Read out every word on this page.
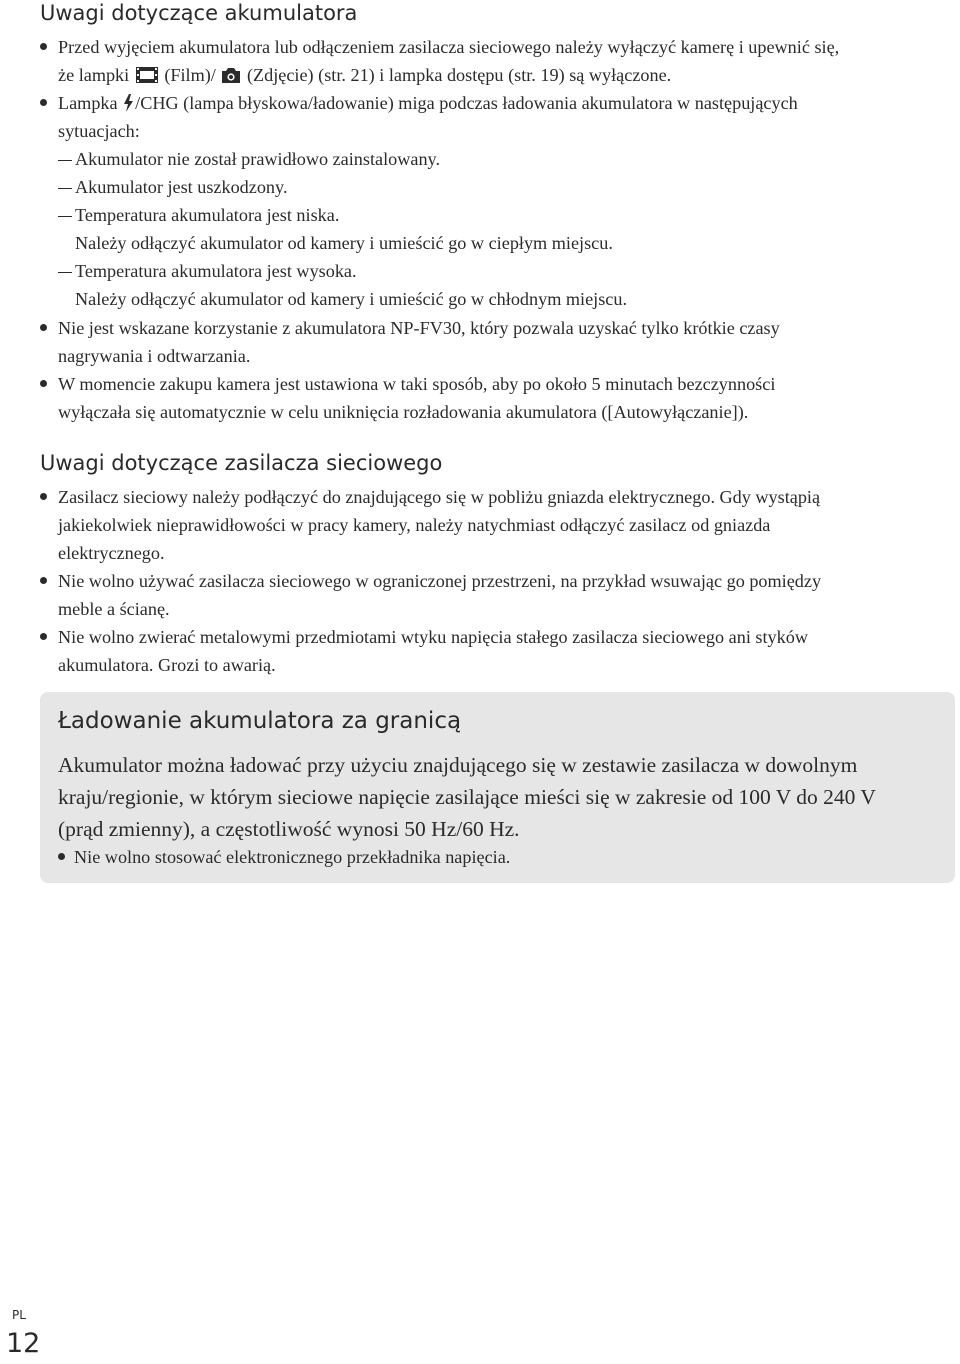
Uwagi dotyczące akumulatora
Przed wyjęciem akumulatora lub odłączeniem zasilacza sieciowego należy wyłączyć kamerę i upewnić się,
że lampki (Film)/ (Zdjęcie) (str. 21) i lampka dostępu (str. 19) są wyłączone.
Lampka /CHG (lampa błyskowa/ładowanie) miga podczas ładowania akumulatora w następujących
sytuacjach:
Akumulator nie został prawidłowo zainstalowany.
Akumulator jest uszkodzony.
Temperatura akumulatora jest niska.
Należy odłączyć akumulator od kamery i umieścić go w ciepłym miejscu.
Temperatura akumulatora jest wysoka.
Należy odłączyć akumulator od kamery i umieścić go w chłodnym miejscu.
Nie jest wskazane korzystanie z akumulatora NP-FV30, który pozwala uzyskać tylko krótkie czasy
nagrywania i odtwarzania.
W momencie zakupu kamera jest ustawiona w taki sposób, aby po około 5 minutach bezczynności
wyłączała się automatycznie w celu uniknięcia rozładowania akumulatora ([Autowyłączanie]).
Uwagi dotyczące zasilacza sieciowego
Zasilacz sieciowy należy podłączyć do znajdującego się w pobliżu gniazda elektrycznego. Gdy wystąpią
jakiekolwiek nieprawidłowości w pracy kamery, należy natychmiast odłączyć zasilacz od gniazda
elektrycznego.
Nie wolno używać zasilacza sieciowego w ograniczonej przestrzeni, na przykład wsuwając go pomiędzy
meble a ścianę.
Nie wolno zwierać metalowymi przedmiotami wtyku napięcia stałego zasilacza sieciowego ani styków
akumulatora. Grozi to awarią.
Ładowanie akumulatora za granicą
Akumulator można ładować przy użyciu znajdującego się w zestawie zasilacza w dowolnym
kraju/regionie, w którym sieciowe napięcie zasilające mieści się w zakresie od 100 V do 240 V
(prąd zmienny), a częstotliwość wynosi 50 Hz/60 Hz.
Nie wolno stosować elektronicznego przekładnika napięcia.
PL
12
